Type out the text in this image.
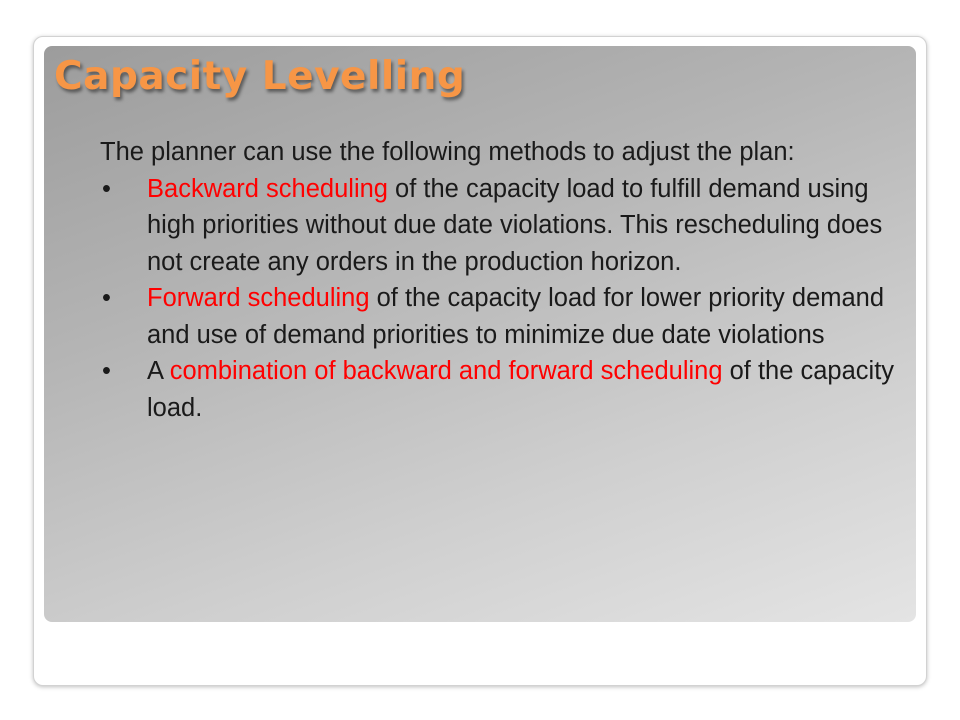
Capacity Levelling

The planner can use the following methods to adjust the plan:

• Backward scheduling of the capacity load to fulfill demand using high priorities without due date violations. This rescheduling does not create any orders in the production horizon.
• Forward scheduling of the capacity load for lower priority demand and use of demand priorities to minimize due date violations
• A combination of backward and forward scheduling of the capacity load.
